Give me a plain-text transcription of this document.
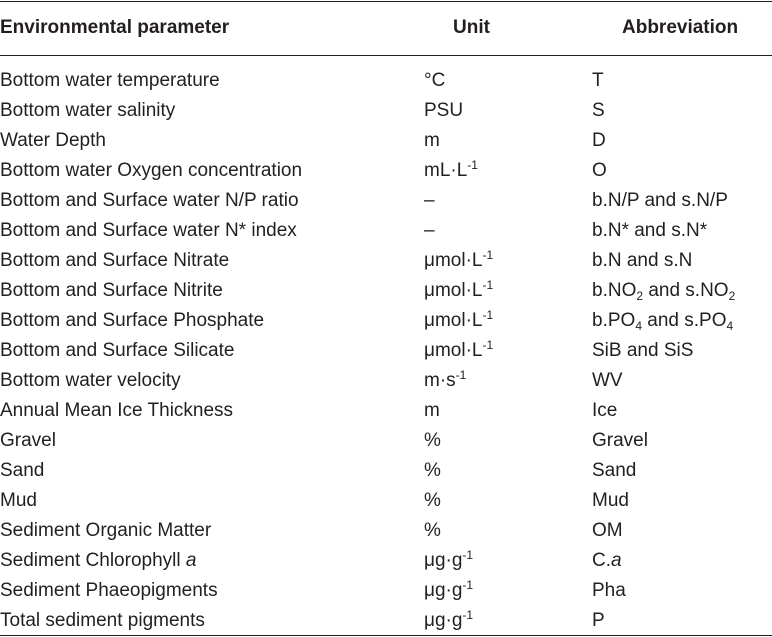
Environmental parameter	Unit	Abbreviation
Bottom water temperature	°C	T
Bottom water salinity	PSU	S
Water Depth	m	D
Bottom water Oxygen concentration	$mL\cdot L^{-1}$	O
Bottom and Surface water N/P ratio	–	b.N/P and s.N/P
Bottom and Surface water N* index	–	b.N* and s.N*
Bottom and Surface Nitrate	$\mu mol\cdot L^{-1}$	b.N and s.N
Bottom and Surface Nitrite	$\mu mol\cdot L^{-1}$	$b.NO_2$ and $s.NO_2$
Bottom and Surface Phosphate	$\mu mol\cdot L^{-1}$	$b.PO_4$ and $s.PO_4$
Bottom and Surface Silicate	$\mu mol\cdot L^{-1}$	SiB and SiS
Bottom water velocity	$m\cdot s^{-1}$	WV
Annual Mean Ice Thickness	m	Ice
Gravel	%	Gravel
Sand	%	Sand
Mud	%	Mud
Sediment Organic Matter	%	OM
Sediment Chlorophyll a	$\mu g\cdot g^{-1}$	C.a
Sediment Phaeopigments	$\mu g\cdot g^{-1}$	Pha
Total sediment pigments	$\mu g\cdot g^{-1}$	P
